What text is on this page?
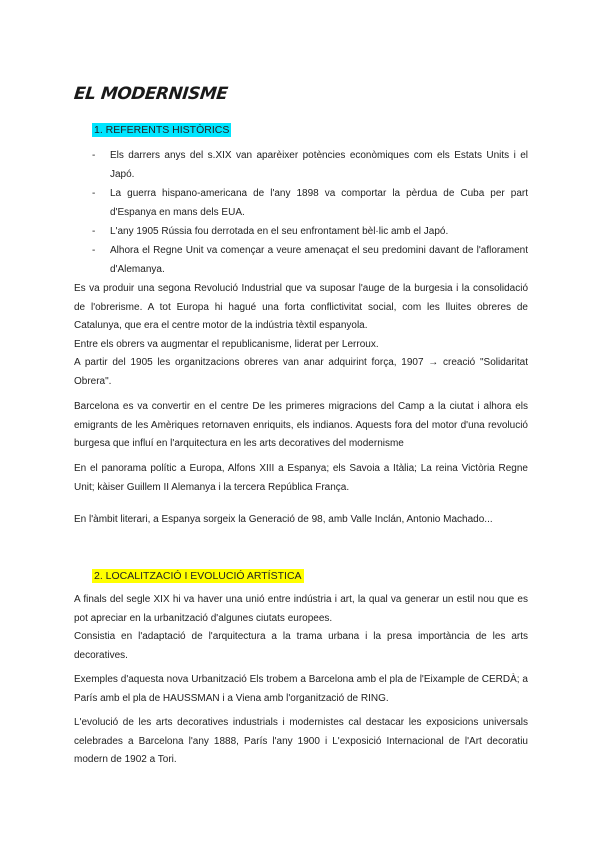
EL MODERNISME
1. REFERENTS HISTÒRICS
- Els darrers anys del s.XIX van aparèixer potències econòmiques com els Estats Units i el Japó.
- La guerra hispano-americana de l'any 1898 va comportar la pèrdua de Cuba per part d'Espanya en mans dels EUA.
- L'any 1905 Rússia fou derrotada en el seu enfrontament bèl·lic amb el Japó.
- Alhora el Regne Unit va començar a veure amenaçat el seu predomini davant de l'aflorament d'Alemanya.
Es va produir una segona Revolució Industrial que va suposar l'auge de la burgesia i la consolidació de l'obrerisme. A tot Europa hi hagué una forta conflictivitat social, com les lluites obreres de Catalunya, que era el centre motor de la indústria tèxtil espanyola.
Entre els obrers va augmentar el republicanisme, liderat per Lerroux.
A partir del 1905 les organitzacions obreres van anar adquirint força, 1907 → creació "Solidaritat Obrera".
Barcelona es va convertir en el centre De les primeres migracions del Camp a la ciutat i alhora els emigrants de les Amèriques retornaven enriquits, els indianos. Aquests fora del motor d'una revolució burgesa que influí en l'arquitectura en les arts decoratives del modernisme
En el panorama polític a Europa, Alfons XIII a Espanya; els Savoia a Itàlia; La reina Victòria Regne Unit; kàiser Guillem II Alemanya i la tercera República França.
En l'àmbit literari, a Espanya sorgeix la Generació de 98, amb Valle Inclán, Antonio Machado...
2. LOCALITZACIÓ I EVOLUCIÓ ARTÍSTICA
A finals del segle XIX hi va haver una unió entre indústria i art, la qual va generar un estil nou que es pot apreciar en la urbanització d'algunes ciutats europees.
Consistia en l'adaptació de l'arquitectura a la trama urbana i la presa importància de les arts decoratives.
Exemples d'aquesta nova Urbanització Els trobem a Barcelona amb el pla de l'Eixample de CERDÀ; a París amb el pla de HAUSSMAN i a Viena amb l'organització de RING.
L'evolució de les arts decoratives industrials i modernistes cal destacar les exposicions universals celebrades a Barcelona l'any 1888, París l'any 1900 i L'exposició Internacional de l'Art decoratiu modern de 1902 a Tori.
